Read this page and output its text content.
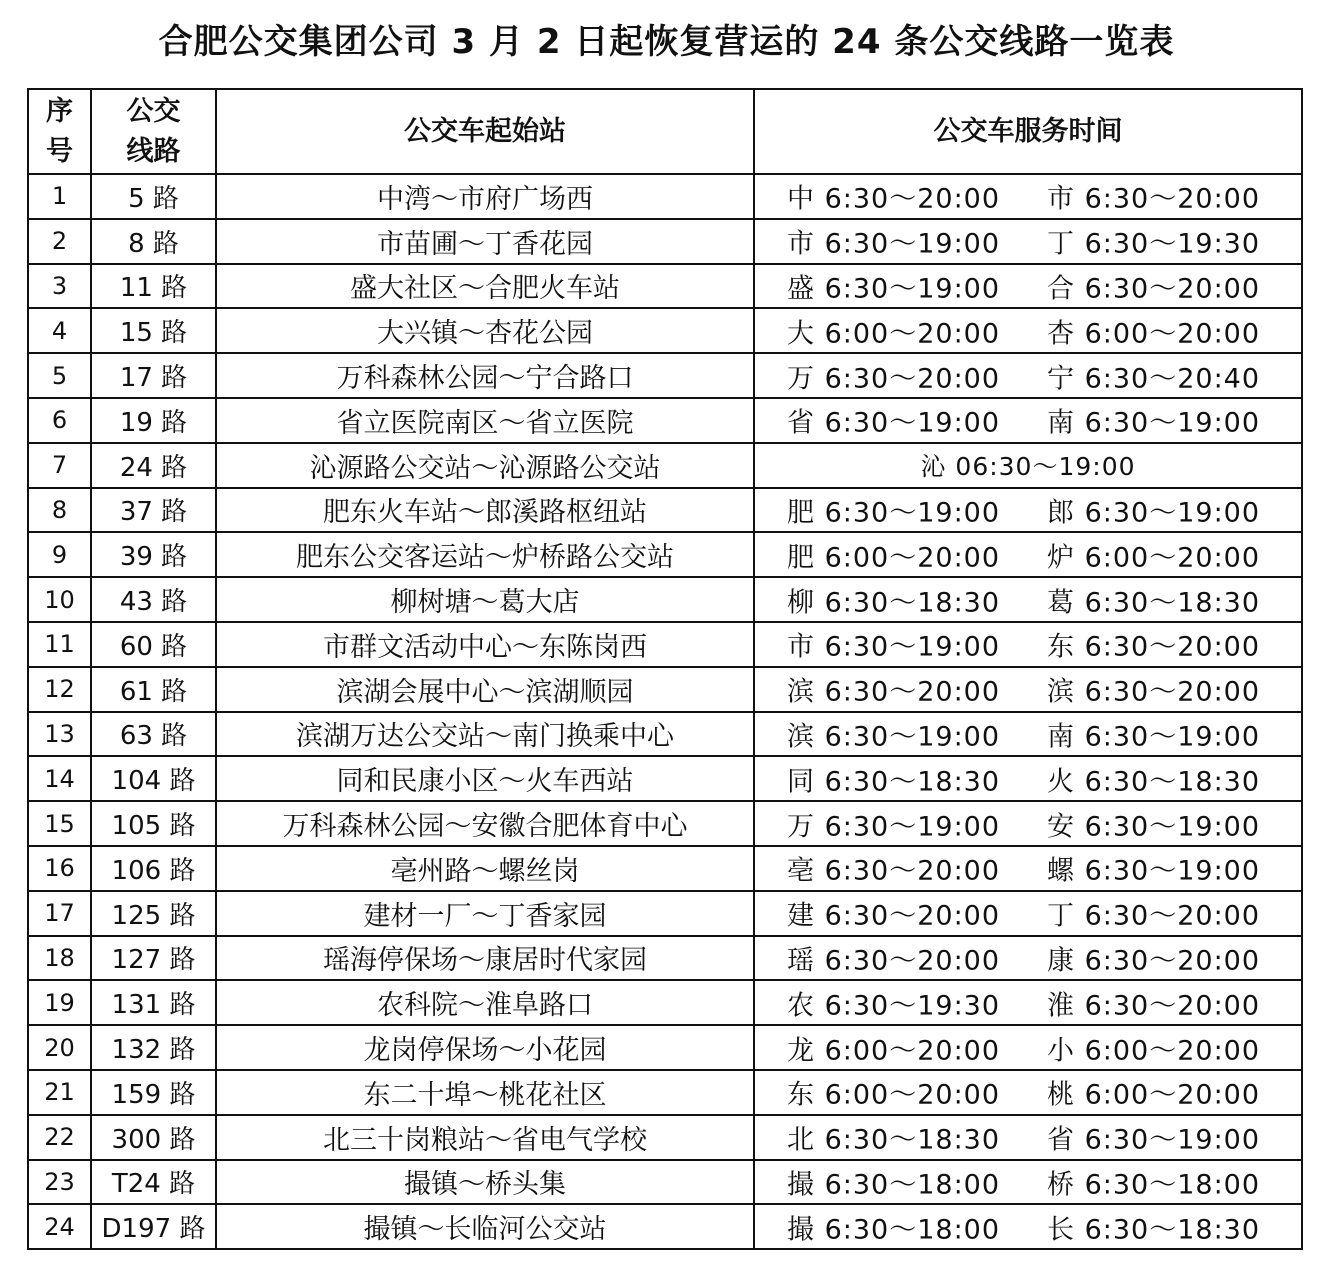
合肥公交集团公司 3 月 2 日起恢复营运的 24 条公交线路一览表
序
号	公交
线路	公交车起始站	公交车服务时间
1	5 路	中湾～市府广场西	中 6:30～20:00 市 6:30～20:00

2	8 路	市苗圃～丁香花园	市 6:30～19:00 丁 6:30～19:30

3	11 路	盛大社区～合肥火车站	盛 6:30～19:00 合 6:30～20:00

4	15 路	大兴镇～杏花公园	大 6:00～20:00 杏 6:00～20:00

5	17 路	万科森林公园～宁合路口	万 6:30～20:00 宁 6:30～20:40

6	19 路	省立医院南区～省立医院	省 6:30～19:00 南 6:30～19:00

7	24 路	沁源路公交站～沁源路公交站	沁 06:30～19:00
8	37 路	肥东火车站～郎溪路枢纽站	肥 6:30～19:00 郎 6:30～19:00

9	39 路	肥东公交客运站～炉桥路公交站	肥 6:00～20:00 炉 6:00～20:00

10	43 路	柳树塘～葛大店	柳 6:30～18:30 葛 6:30～18:30

11	60 路	市群文活动中心～东陈岗西	市 6:30～19:00 东 6:30～20:00

12	61 路	滨湖会展中心～滨湖顺园	滨 6:30～20:00 滨 6:30～20:00

13	63 路	滨湖万达公交站～南门换乘中心	滨 6:30～19:00 南 6:30～19:00

14	104 路	同和民康小区～火车西站	同 6:30～18:30 火 6:30～18:30

15	105 路	万科森林公园～安徽合肥体育中心	万 6:30～19:00 安 6:30～19:00

16	106 路	亳州路～螺丝岗	亳 6:30～20:00 螺 6:30～19:00

17	125 路	建材一厂～丁香家园	建 6:30～20:00 丁 6:30～20:00

18	127 路	瑶海停保场～康居时代家园	瑶 6:30～20:00 康 6:30～20:00

19	131 路	农科院～淮阜路口	农 6:30～19:30 淮 6:30～20:00

20	132 路	龙岗停保场～小花园	龙 6:00～20:00 小 6:00～20:00

21	159 路	东二十埠～桃花社区	东 6:00～20:00 桃 6:00～20:00

22	300 路	北三十岗粮站～省电气学校	北 6:30～18:30 省 6:30～19:00

23	T24 路	撮镇～桥头集	撮 6:30～18:00 桥 6:30～18:00

24	D197 路	撮镇～长临河公交站	撮 6:30～18:00 长 6:30～18:30
